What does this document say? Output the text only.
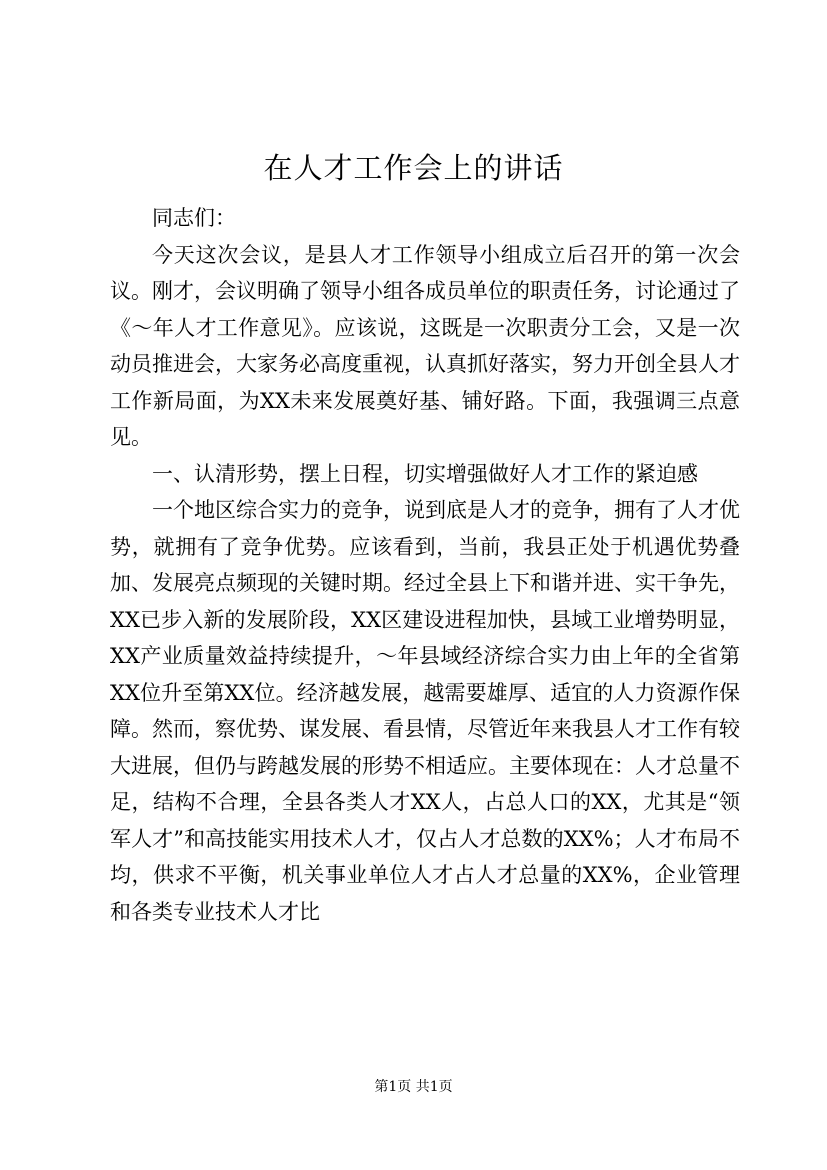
在人才工作会上的讲话

同志们：

今天这次会议，是县人才工作领导小组成立后召开的第一次会议。刚才，会议明确了领导小组各成员单位的职责任务，讨论通过了《～年人才工作意见》。应该说，这既是一次职责分工会，又是一次动员推进会，大家务必高度重视，认真抓好落实，努力开创全县人才工作新局面，为XX未来发展奠好基、铺好路。下面，我强调三点意见。

一、认清形势，摆上日程，切实增强做好人才工作的紧迫感

一个地区综合实力的竞争，说到底是人才的竞争，拥有了人才优势，就拥有了竞争优势。应该看到，当前，我县正处于机遇优势叠加、发展亮点频现的关键时期。经过全县上下和谐并进、实干争先，XX已步入新的发展阶段，XX区建设进程加快，县域工业增势明显，XX产业质量效益持续提升，～年县域经济综合实力由上年的全省第XX位升至第XX位。经济越发展，越需要雄厚、适宜的人力资源作保障。然而，察优势、谋发展、看县情，尽管近年来我县人才工作有较大进展，但仍与跨越发展的形势不相适应。主要体现在：人才总量不足，结构不合理，全县各类人才XX人，占总人口的XX，尤其是“领军人才”和高技能实用技术人才，仅占人才总数的XX%；人才布局不均，供求不平衡，机关事业单位人才占人才总量的XX%，企业管理和各类专业技术人才比

第1页 共1页
